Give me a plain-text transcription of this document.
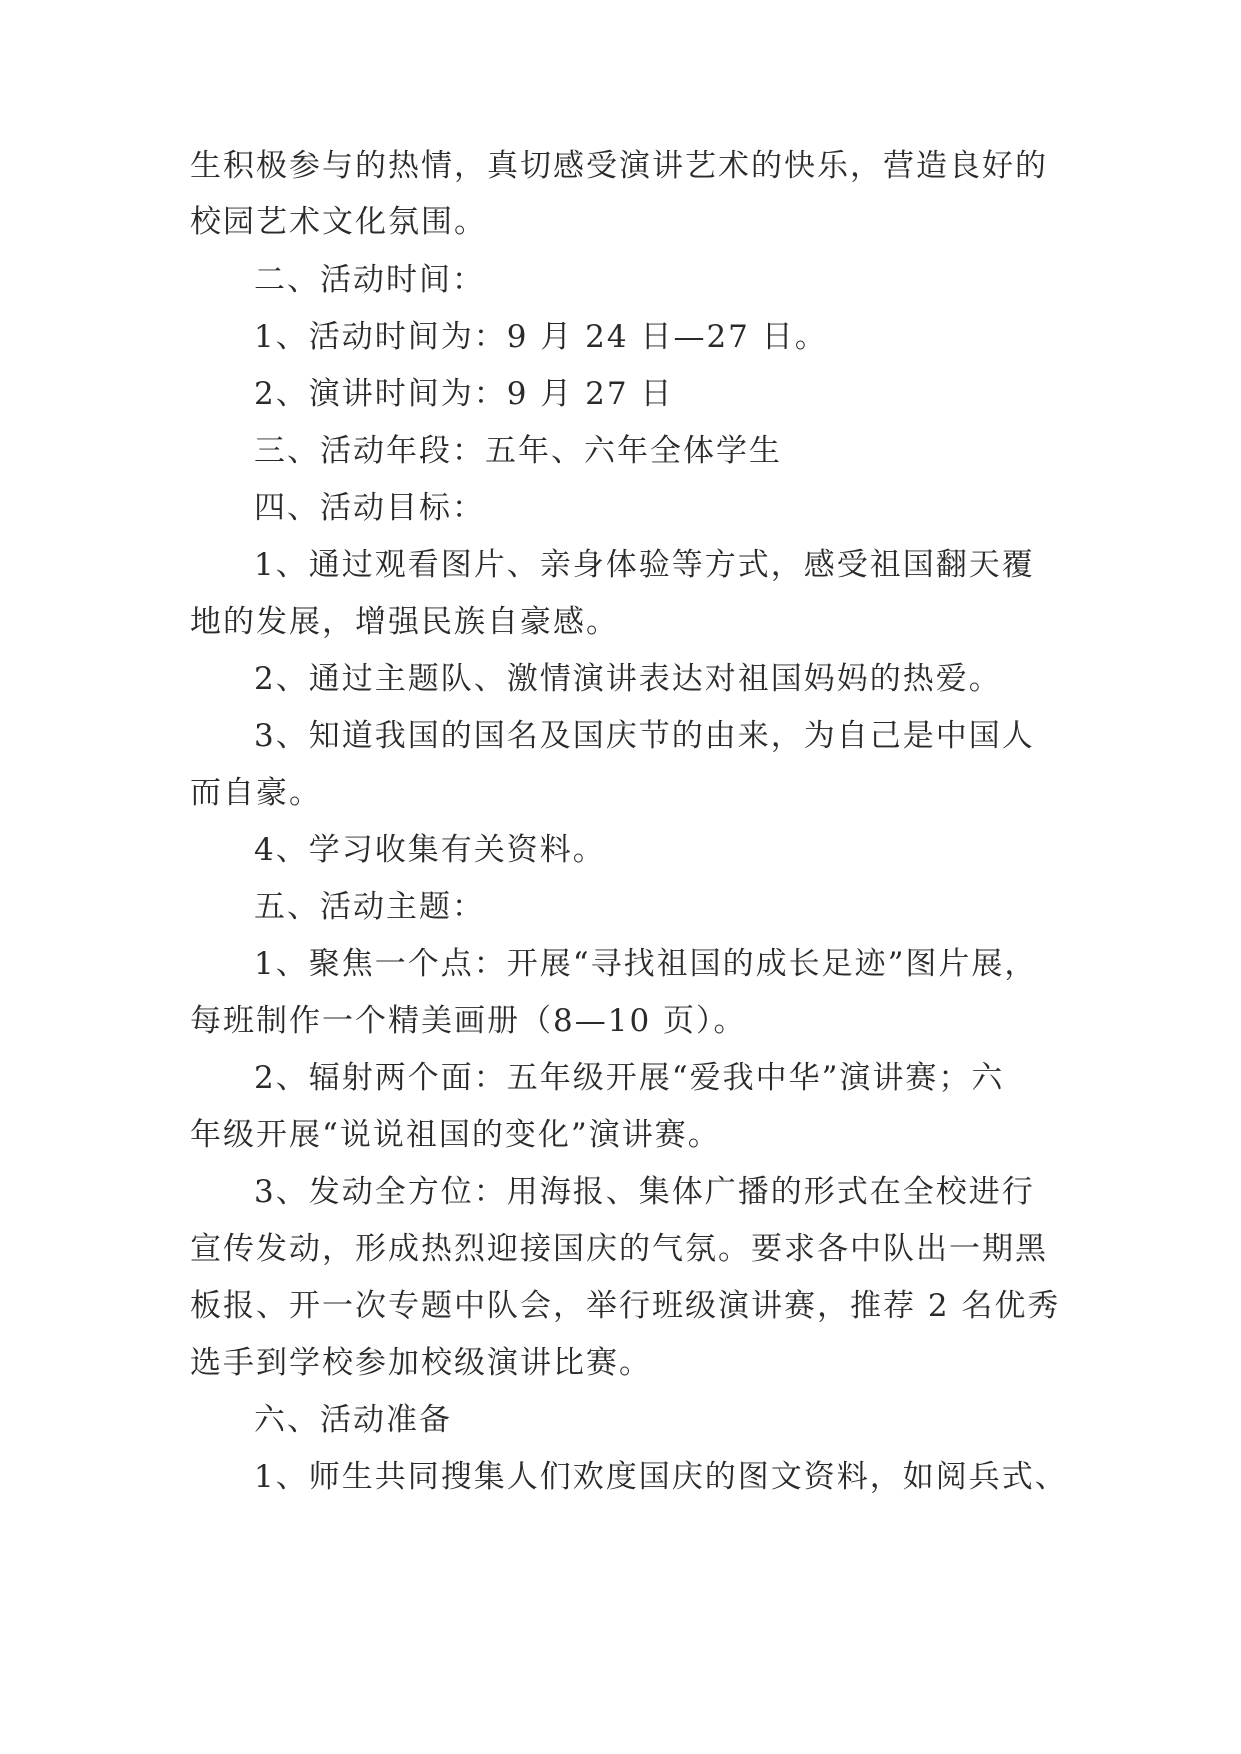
生积极参与的热情，真切感受演讲艺术的快乐，营造良好的
校园艺术文化氛围。
二、活动时间：
1、活动时间为：9 月 24 日—27 日。
2、演讲时间为：9 月 27 日
三、活动年段：五年、六年全体学生
四、活动目标：
1、通过观看图片、亲身体验等方式，感受祖国翻天覆
地的发展，增强民族自豪感。
2、通过主题队、激情演讲表达对祖国妈妈的热爱。
3、知道我国的国名及国庆节的由来，为自己是中国人
而自豪。
4、学习收集有关资料。
五、活动主题：
1、聚焦一个点：开展“寻找祖国的成长足迹”图片展，
每班制作一个精美画册（8—10 页）。
2、辐射两个面：五年级开展“爱我中华”演讲赛；六
年级开展“说说祖国的变化”演讲赛。
3、发动全方位：用海报、集体广播的形式在全校进行
宣传发动，形成热烈迎接国庆的气氛。要求各中队出一期黑
板报、开一次专题中队会，举行班级演讲赛，推荐 2 名优秀
选手到学校参加校级演讲比赛。
六、活动准备
1、师生共同搜集人们欢度国庆的图文资料，如阅兵式、
